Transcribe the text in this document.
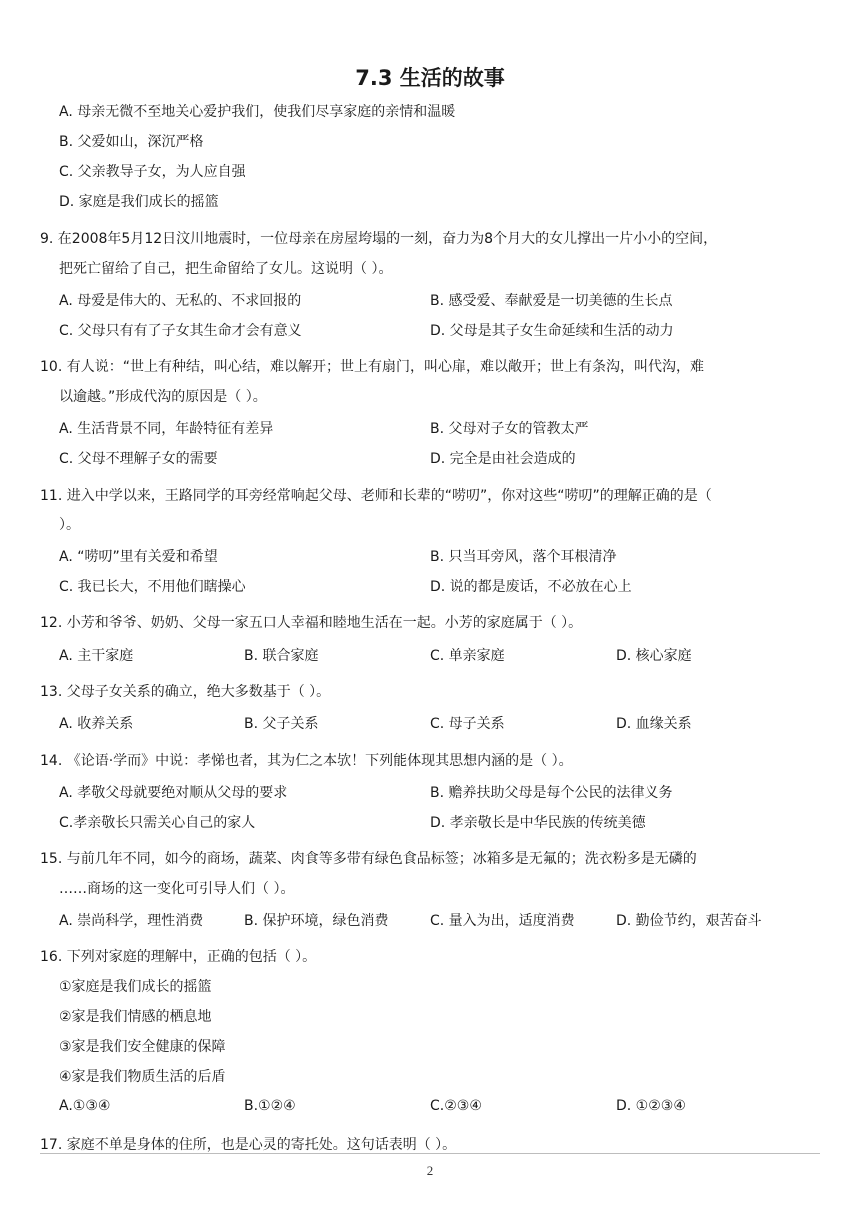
7.3 生活的故事
A. 母亲无微不至地关心爱护我们，使我们尽享家庭的亲情和温暖
B. 父爱如山，深沉严格
C. 父亲教导子女，为人应自强
D. 家庭是我们成长的摇篮
9. 在2008年5月12日汶川地震时，一位母亲在房屋垮塌的一刻，奋力为8个月大的女儿撑出一片小小的空间，
把死亡留给了自己，把生命留给了女儿。这说明（ ）。
A. 母爱是伟大的、无私的、不求回报的	B. 感受爱、奉献爱是一切美德的生长点
C. 父母只有有了子女其生命才会有意义	D. 父母是其子女生命延续和生活的动力
10. 有人说：“世上有种结，叫心结，难以解开；世上有扇门，叫心扉，难以敞开；世上有条沟，叫代沟，难
以逾越。”形成代沟的原因是（ ）。
A. 生活背景不同，年龄特征有差异	B. 父母对子女的管教太严
C. 父母不理解子女的需要	D. 完全是由社会造成的
11. 进入中学以来，王路同学的耳旁经常响起父母、老师和长辈的“唠叨”，你对这些“唠叨”的理解正确的是（
）。
A. “唠叨”里有关爱和希望	B. 只当耳旁风，落个耳根清净
C. 我已长大，不用他们瞎操心	D. 说的都是废话，不必放在心上
12. 小芳和爷爷、奶奶、父母一家五口人幸福和睦地生活在一起。小芳的家庭属于（ ）。
A. 主干家庭	B. 联合家庭	C. 单亲家庭	D. 核心家庭
13. 父母子女关系的确立，绝大多数基于（ ）。
A. 收养关系	B. 父子关系	C. 母子关系	D. 血缘关系
14. 《论语·学而》中说：孝悌也者，其为仁之本欤！下列能体现其思想内涵的是（ ）。
A. 孝敬父母就要绝对顺从父母的要求	B. 赡养扶助父母是每个公民的法律义务
C.孝亲敬长只需关心自己的家人	D. 孝亲敬长是中华民族的传统美德
15. 与前几年不同，如今的商场，蔬菜、肉食等多带有绿色食品标签；冰箱多是无氟的；洗衣粉多是无磷的
……商场的这一变化可引导人们（ ）。
A. 崇尚科学，理性消费	B. 保护环境，绿色消费	C. 量入为出，适度消费	D. 勤俭节约，艰苦奋斗
16. 下列对家庭的理解中，正确的包括（ ）。
①家庭是我们成长的摇篮
②家是我们情感的栖息地
③家是我们安全健康的保障
④家是我们物质生活的后盾
A.①③④	B.①②④	C.②③④	D. ①②③④
17. 家庭不单是身体的住所，也是心灵的寄托处。这句话表明（ ）。
2
